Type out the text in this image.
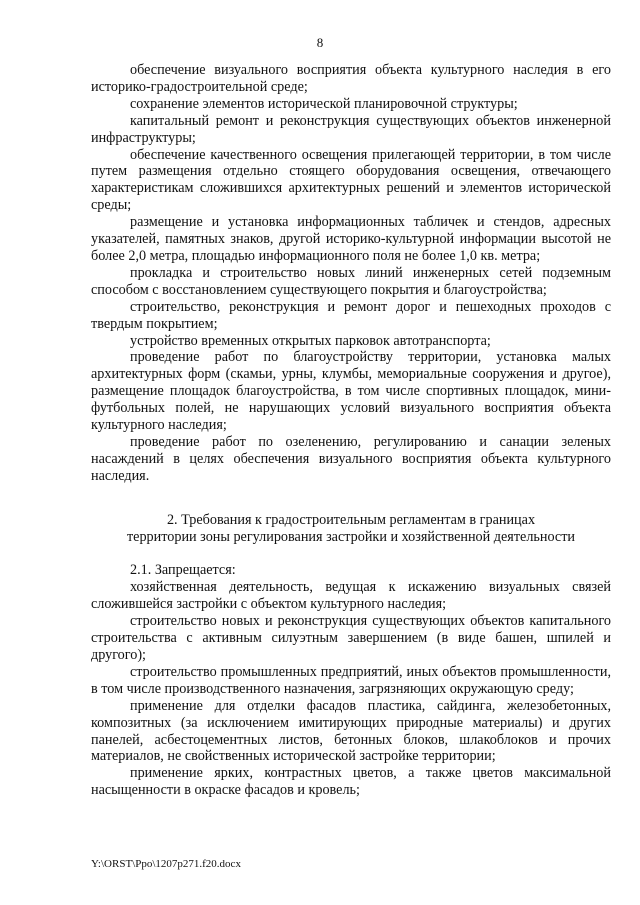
8

обеспечение визуального восприятия объекта культурного наследия в его историко-градостроительной среде;

сохранение элементов исторической планировочной структуры;

капитальный ремонт и реконструкция существующих объектов инженерной инфраструктуры;

обеспечение качественного освещения прилегающей территории, в том числе путем размещения отдельно стоящего оборудования освещения, отвечающего характеристикам сложившихся архитектурных решений и элементов исторической среды;

размещение и установка информационных табличек и стендов, адресных указателей, памятных знаков, другой историко-культурной информации высотой не более 2,0 метра, площадью информационного поля не более 1,0 кв. метра;

прокладка и строительство новых линий инженерных сетей подземным способом с восстановлением существующего покрытия и благоустройства;

строительство, реконструкция и ремонт дорог и пешеходных проходов с твердым покрытием;

устройство временных открытых парковок автотранспорта;

проведение работ по благоустройству территории, установка малых архитектурных форм (скамьи, урны, клумбы, мемориальные сооружения и другое), размещение площадок благоустройства, в том числе спортивных площадок, мини-футбольных полей, не нарушающих условий визуального восприятия объекта культурного наследия;

проведение работ по озеленению, регулированию и санации зеленых насаждений в целях обеспечения визуального восприятия объекта культурного наследия.

2. Требования к градостроительным регламентам в границах
территории зоны регулирования застройки и хозяйственной деятельности

2.1. Запрещается:

хозяйственная деятельность, ведущая к искажению визуальных связей сложившейся застройки с объектом культурного наследия;

строительство новых и реконструкция существующих объектов капитального строительства с активным силуэтным завершением (в виде башен, шпилей и другого);

строительство промышленных предприятий, иных объектов промышленности, в том числе производственного назначения, загрязняющих окружающую среду;

применение для отделки фасадов пластика, сайдинга, железобетонных, композитных (за исключением имитирующих природные материалы) и других панелей, асбестоцементных листов, бетонных блоков, шлакоблоков и прочих материалов, не свойственных исторической застройке территории;

применение ярких, контрастных цветов, а также цветов максимальной насыщенности в окраске фасадов и кровель;

Y:\ORST\Ppo\1207p271.f20.docx
